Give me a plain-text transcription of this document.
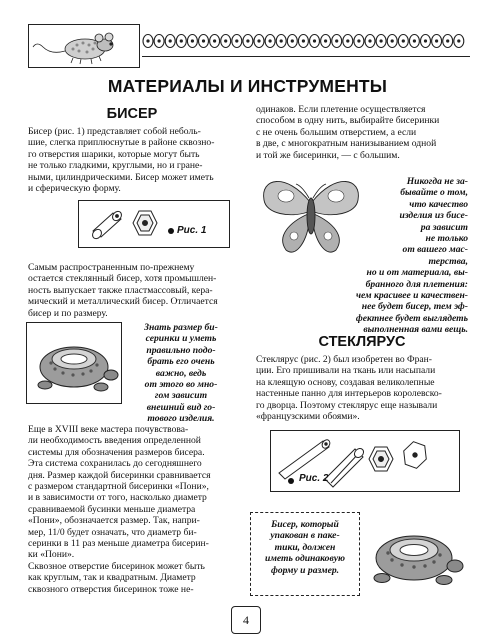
МАТЕРИАЛЫ И ИНСТРУМЕНТЫ
БИСЕР
Бисер (рис. 1) представляет собой неболь-
шие, слегка приплюснутые в районе сквозно-
го отверстия шарики, которые могут быть
не только гладкими, круглыми, но и гране-
ными, цилиндрическими. Бисер может иметь
и сферическую форму.
Рис. 1
Самым распространенным по-прежнему
остается стеклянный бисер, хотя промышлен-
ность выпускает также пластмассовый, кера-
мический и металлический бисер. Отличается
бисер и по размеру.
Знать размер би-
серинки и уметь
правильно подо-
брать его очень
важно, ведь
от этого во мно-
гом зависит
внешний вид го-
тового изделия.
Еще в XVIII веке мастера почувствова-
ли необходимость введения определенной
системы для обозначения размеров бисера.
Эта система сохранилась до сегодняшнего
дня. Размер каждой бисеринки сравнивается
с размером стандартной бисеринки «Пони»,
и в зависимости от того, насколько диаметр
сравниваемой бусинки меньше диаметра
«Пони», обозначается размер. Так, напри-
мер, 11/0 будет означать, что диаметр би-
серинки в 11 раз меньше диаметра бисерин-
ки «Пони».
Сквозное отверстие бисеринок может быть
как круглым, так и квадратным. Диаметр
сквозного отверстия бисеринок тоже не-
одинаков. Если плетение осуществляется
способом в одну нить, выбирайте бисеринки
с не очень большим отверстием, а если
в две, с многократным нанизыванием одной
и той же бисеринки, — с большим.
Никогда не за-
бывайте о том,
что качество
изделия из бисе-
ра зависит
не только
от вашего мас-
терства,
но и от материала, вы-
бранного для плетения:
чем красивее и качествен-
нее будет бисер, тем эф-
фектнее будет выглядеть
выполненная вами вещь.
СТЕКЛЯРУС
Стеклярус (рис. 2) был изобретен во Фран-
ции. Его пришивали на ткань или насыпали
на клеящую основу, создавая великолепные
настенные панно для интерьеров королевско-
го дворца. Поэтому стеклярус еще называли
«французскими обоями».
Рис. 2
Бисер, который
упакован в паке-
тики, должен
иметь одинаковую
форму и размер.
4
